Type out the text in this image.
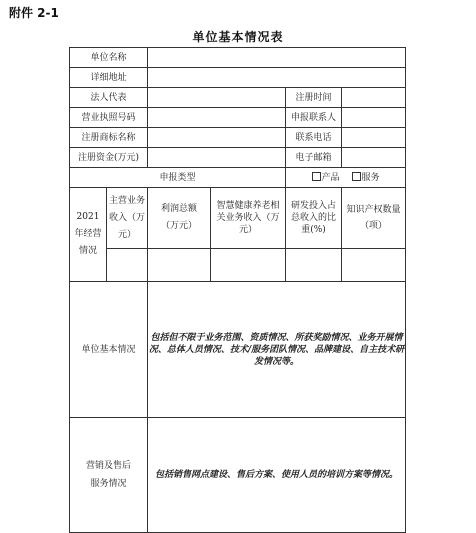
附件 2-1
单位基本情况表
单位名称					
详细地址					
法人代表				注册时间	
营业执照号码				申报联系人	
注册商标名称				联系电话	
注册资金(万元)				电子邮箱	
申报类型				产品 服务	
2021 年经营情况	主营业务收入（万元）	利润总额（万元）	智慧健康养老相关业务收入（万元）	研发投入占总收入的比重(%)	知识产权数量（项）

单位基本情况		包括但不限于业务范围、资质情况、所获奖励情况、业务开展情况、总体人员情况、技术/服务团队情况、品牌建设、自主技术研发情况等。			
营销及售后服务情况		包括销售网点建设、售后方案、使用人员的培训方案等情况。			
